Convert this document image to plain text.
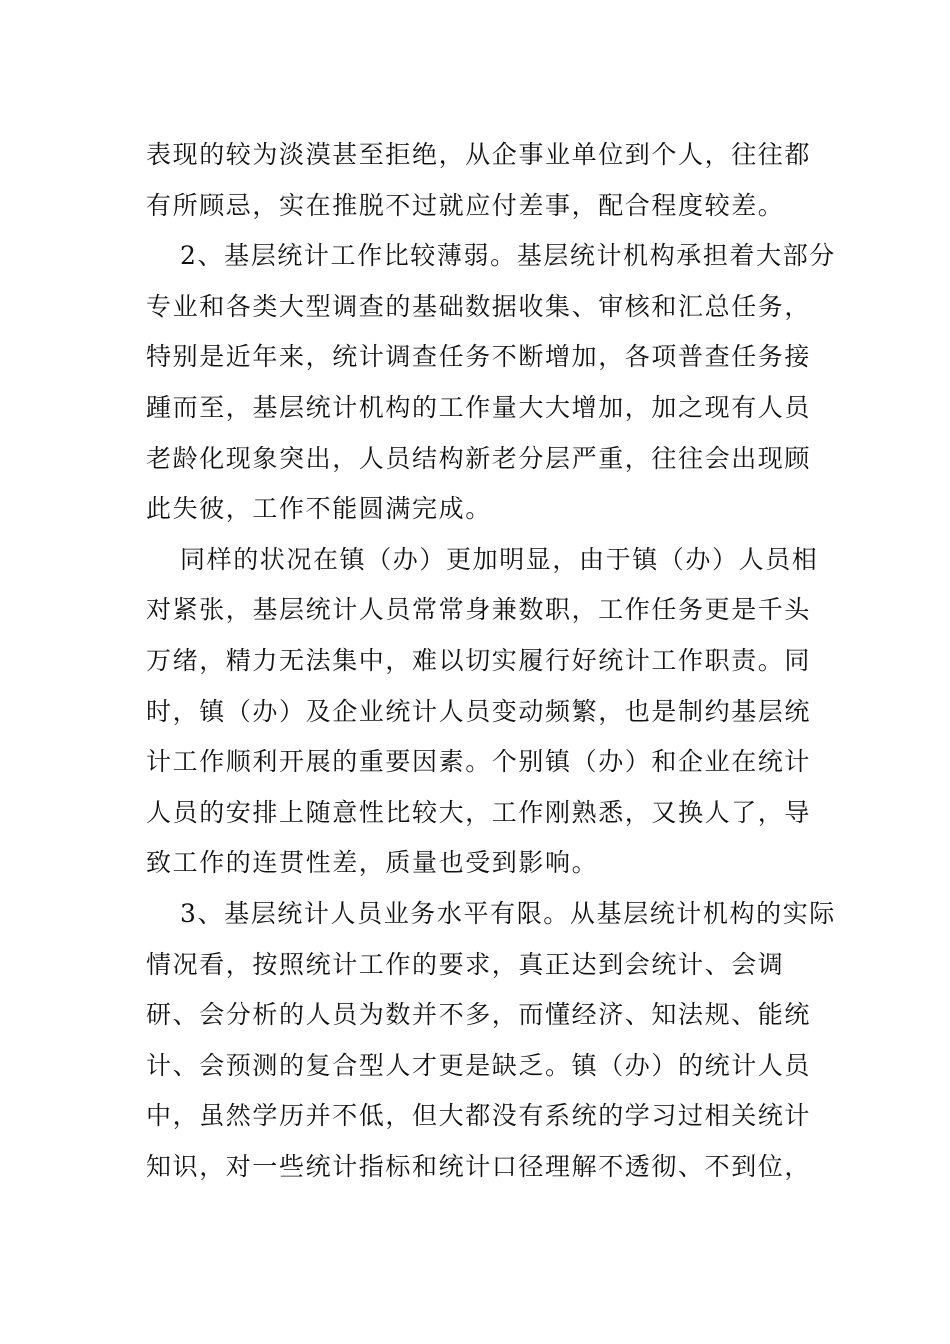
表现的较为淡漠甚至拒绝，从企事业单位到个人，往往都
有所顾忌，实在推脱不过就应付差事，配合程度较差。
2、基层统计工作比较薄弱。基层统计机构承担着大部分
专业和各类大型调查的基础数据收集、审核和汇总任务，
特别是近年来，统计调查任务不断增加，各项普查任务接
踵而至，基层统计机构的工作量大大增加，加之现有人员
老龄化现象突出，人员结构新老分层严重，往往会出现顾
此失彼，工作不能圆满完成。
同样的状况在镇（办）更加明显，由于镇（办）人员相
对紧张，基层统计人员常常身兼数职，工作任务更是千头
万绪，精力无法集中，难以切实履行好统计工作职责。同
时，镇（办）及企业统计人员变动频繁，也是制约基层统
计工作顺利开展的重要因素。个别镇（办）和企业在统计
人员的安排上随意性比较大，工作刚熟悉，又换人了，导
致工作的连贯性差，质量也受到影响。
3、基层统计人员业务水平有限。从基层统计机构的实际
情况看，按照统计工作的要求，真正达到会统计、会调
研、会分析的人员为数并不多，而懂经济、知法规、能统
计、会预测的复合型人才更是缺乏。镇（办）的统计人员
中，虽然学历并不低，但大都没有系统的学习过相关统计
知识，对一些统计指标和统计口径理解不透彻、不到位，
